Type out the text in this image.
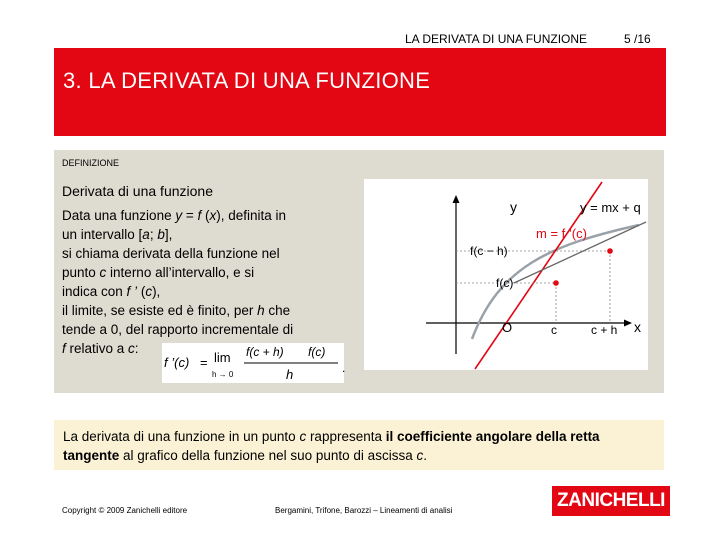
LA DERIVATA DI UNA FUNZIONE	5 /16
3. LA DERIVATA DI UNA FUNZIONE
DEFINIZIONE
Derivata di una funzione
Data una funzione y = f (x), definita in
un intervallo [a; b],
si chiama derivata della funzione nel
punto c interno all’intervallo, e si
indica con f ’ (c),
il limite, se esiste ed è finito, per h che
tende a 0, del rapporto incrementale di
f relativo a c:
f ’(c) = lim
h → 0
f(c + h) f(c)
h	.
y
x
O
y = mx + q
m = f ’(c)
f(c − h)
f(c)
c	c + h
La derivata di una funzione in un punto c rappresenta il coefficiente angolare della retta tangente al grafico della funzione nel suo punto di ascissa c.
Copyright © 2009 Zanichelli editore	Bergamini, Trifone, Barozzi – Lineamenti di analisi	ZANICHELLI
